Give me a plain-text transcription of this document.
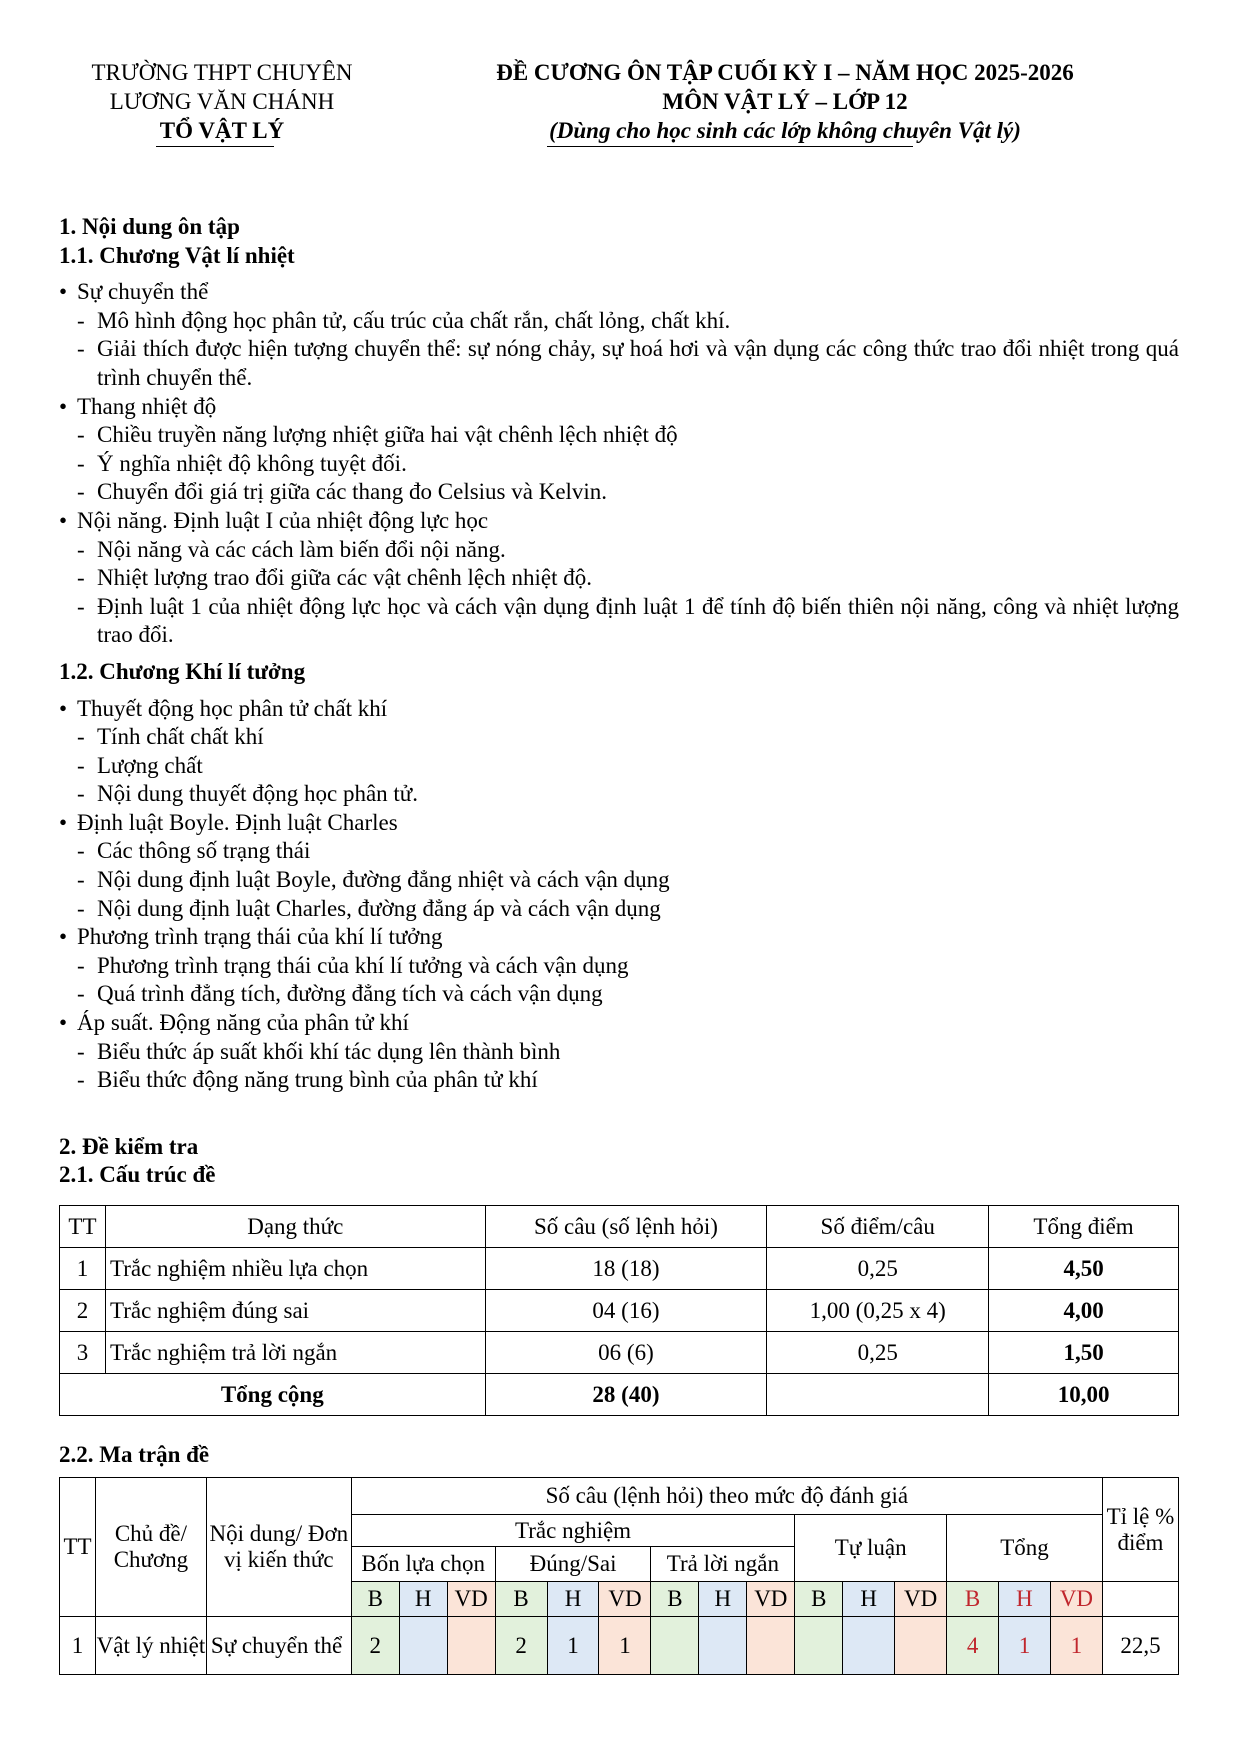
TRƯỜNG THPT CHUYÊN
LƯƠNG VĂN CHÁNH
TỔ VẬT LÝ
ĐỀ CƯƠNG ÔN TẬP CUỐI KỲ I – NĂM HỌC 2025-2026
MÔN VẬT LÝ – LỚP 12
(Dùng cho học sinh các lớp không chuyên Vật lý)
1. Nội dung ôn tập
1.1. Chương Vật lí nhiệt
• Sự chuyển thể
- Mô hình động học phân tử, cấu trúc của chất rắn, chất lỏng, chất khí.
- Giải thích được hiện tượng chuyển thể: sự nóng chảy, sự hoá hơi và vận dụng các công thức trao đổi nhiệt trong quá trình chuyển thể.
• Thang nhiệt độ
- Chiều truyền năng lượng nhiệt giữa hai vật chênh lệch nhiệt độ
- Ý nghĩa nhiệt độ không tuyệt đối.
- Chuyển đổi giá trị giữa các thang đo Celsius và Kelvin.
• Nội năng. Định luật I của nhiệt động lực học
- Nội năng và các cách làm biến đổi nội năng.
- Nhiệt lượng trao đổi giữa các vật chênh lệch nhiệt độ.
- Định luật 1 của nhiệt động lực học và cách vận dụng định luật 1 để tính độ biến thiên nội năng, công và nhiệt lượng trao đổi.
1.2. Chương Khí lí tưởng
• Thuyết động học phân tử chất khí
- Tính chất chất khí
- Lượng chất
- Nội dung thuyết động học phân tử.
• Định luật Boyle. Định luật Charles
- Các thông số trạng thái
- Nội dung định luật Boyle, đường đẳng nhiệt và cách vận dụng
- Nội dung định luật Charles, đường đẳng áp và cách vận dụng
• Phương trình trạng thái của khí lí tưởng
- Phương trình trạng thái của khí lí tưởng và cách vận dụng
- Quá trình đẳng tích, đường đẳng tích và cách vận dụng
• Áp suất. Động năng của phân tử khí
- Biểu thức áp suất khối khí tác dụng lên thành bình
- Biểu thức động năng trung bình của phân tử khí
2. Đề kiểm tra
2.1. Cấu trúc đề
TT	Dạng thức	Số câu (số lệnh hỏi)	Số điểm/câu	Tổng điểm
1	Trắc nghiệm nhiều lựa chọn	18 (18)	0,25	4,50
2	Trắc nghiệm đúng sai	04 (16)	1,00 (0,25 x 4)	4,00
3	Trắc nghiệm trả lời ngắn	06 (6)	0,25	1,50
Tổng cộng		28 (40)		10,00
2.2. Ma trận đề
TT	Chủ đề/ Chương	Nội dung/ Đơn vị kiến thức	Số câu (lệnh hỏi) theo mức độ đánh giá															Tỉ lệ % điểm
			Trắc nghiệm									Tự luận			Tổng			
			Bốn lựa chọn			Đúng/Sai			Trả lời ngắn									
			B	H	VD	B	H	VD	B	H	VD	B	H	VD	B	H	VD	
1	Vật lý nhiệt	Sự chuyển thể	2			2	1	1							4	1	1	22,5
